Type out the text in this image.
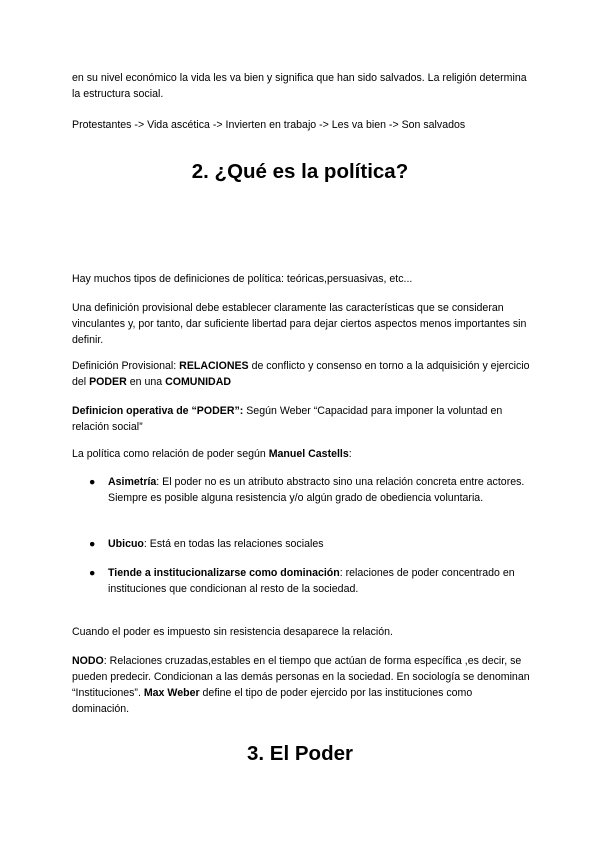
en su nivel económico la vida les va bien y significa que han sido salvados. La religión determina la estructura social.

Protestantes -> Vida ascética -> Invierten en trabajo -> Les va bien -> Son salvados

2. ¿Qué es la política?

Hay muchos tipos de definiciones de política: teóricas,persuasivas, etc...

Una definición provisional debe establecer claramente las características que se consideran vinculantes y, por tanto, dar suficiente libertad para dejar ciertos aspectos menos importantes sin definir.

Definición Provisional: RELACIONES de conflicto y consenso en torno a la adquisición y ejercicio del PODER en una COMUNIDAD

Definicion operativa de “PODER”: Según Weber “Capacidad para imponer la voluntad en relación social”

La política como relación de poder según Manuel Castells:

●	Asimetría: El poder no es un atributo abstracto sino una relación concreta entre actores. Siempre es posible alguna resistencia y/o algún grado de obediencia voluntaria.
●	Ubicuo: Está en todas las relaciones sociales
●	Tiende a institucionalizarse como dominación: relaciones de poder concentrado en instituciones que condicionan al resto de la sociedad.

Cuando el poder es impuesto sin resistencia desaparece la relación.

NODO: Relaciones cruzadas,estables en el tiempo que actúan de forma específica ,es decir, se pueden predecir. Condicionan a las demás personas en la sociedad. En sociología se denominan “Instituciones”. Max Weber define el tipo de poder ejercido por las instituciones como dominación.

3. El Poder
